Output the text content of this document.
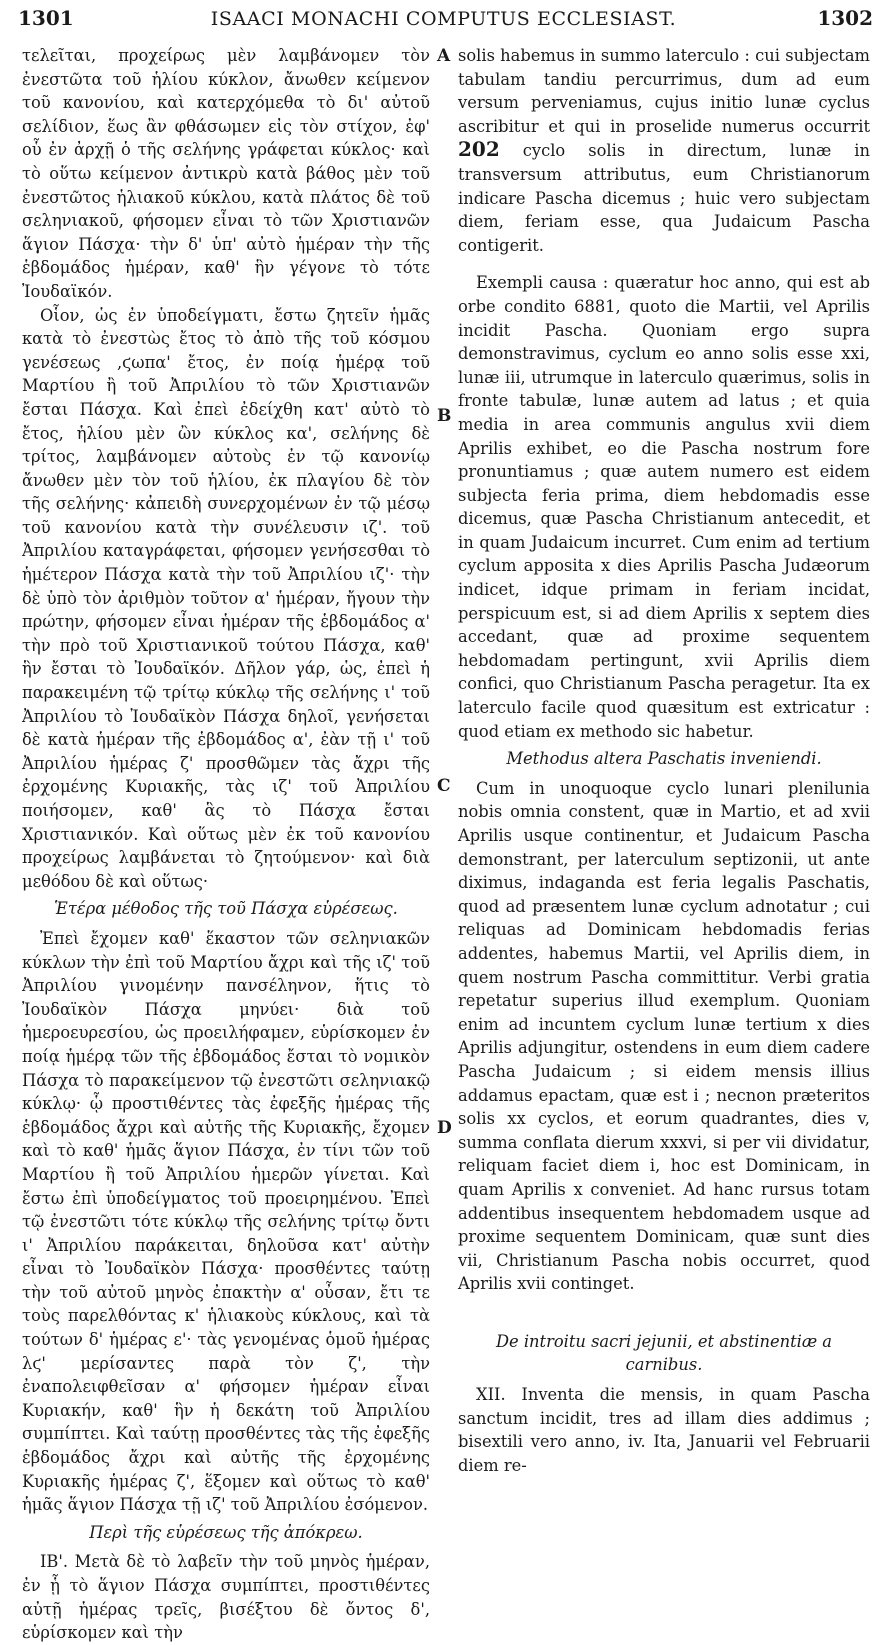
1301	ISAACI MONACHI COMPUTUS ECCLESIAST.	1302
A
B
C
D

τελεῖται, προχείρως μὲν λαμβάνομεν τὸν ἐνεστῶτα τοῦ ἡλίου κύκλον, ἄνωθεν κείμενον τοῦ κανονίου, καὶ κατερχόμεθα τὸ δι' αὐτοῦ σελίδιον, ἕως ἂν φθάσωμεν εἰς τὸν στίχον, ἐφ' οὗ ἐν ἀρχῇ ὁ τῆς σελήνης γράφεται κύκλος· καὶ τὸ οὕτω κείμενον ἀντικρὺ κατὰ βάθος μὲν τοῦ ἐνεστῶτος ἡλιακοῦ κύκλου, κατὰ πλάτος δὲ τοῦ σεληνιακοῦ, φήσομεν εἶναι τὸ τῶν Χριστιανῶν ἅγιον Πάσχα· τὴν δ' ὑπ' αὐτὸ ἡμέραν τὴν τῆς ἑβδομάδος ἡμέραν, καθ' ἣν γέγονε τὸ τότε Ἰουδαϊκόν.

Οἷον, ὡς ἐν ὑποδείγματι, ἔστω ζητεῖν ἡμᾶς κατὰ τὸ ἐνεστὼς ἔτος τὸ ἀπὸ τῆς τοῦ κόσμου γενέσεως ,ϛωπα' ἔτος, ἐν ποίᾳ ἡμέρᾳ τοῦ Μαρτίου ἢ τοῦ Ἀπριλίου τὸ τῶν Χριστιανῶν ἔσται Πάσχα. Καὶ ἐπεὶ ἐδείχθη κατ' αὐτὸ τὸ ἔτος, ἡλίου μὲν ὢν κύκλος κα', σελήνης δὲ τρίτος, λαμβάνομεν αὐτοὺς ἐν τῷ κανονίῳ ἄνωθεν μὲν τὸν τοῦ ἡλίου, ἐκ πλαγίου δὲ τὸν τῆς σελήνης· κἀπειδὴ συνερχομένων ἐν τῷ μέσῳ τοῦ κανονίου κατὰ τὴν συνέλευσιν ιζ'. τοῦ Ἀπριλίου καταγράφεται, φήσομεν γενήσεσθαι τὸ ἡμέτερον Πάσχα κατὰ τὴν τοῦ Ἀπριλίου ιζ'· τὴν δὲ ὑπὸ τὸν ἀριθμὸν τοῦτον α' ἡμέραν, ἤγουν τὴν πρώτην, φήσομεν εἶναι ἡμέραν τῆς ἑβδομάδος α' τὴν πρὸ τοῦ Χριστιανικοῦ τούτου Πάσχα, καθ' ἣν ἔσται τὸ Ἰουδαϊκόν. Δῆλον γάρ, ὡς, ἐπεὶ ἡ παρακειμένη τῷ τρίτῳ κύκλῳ τῆς σελήνης ι' τοῦ Ἀπριλίου τὸ Ἰουδαϊκὸν Πάσχα δηλοῖ, γενήσεται δὲ κατὰ ἡμέραν τῆς ἑβδομάδος α', ἐὰν τῇ ι' τοῦ Ἀπριλίου ἡμέρας ζ' προσθῶμεν τὰς ἄχρι τῆς ἐρχομένης Κυριακῆς, τὰς ιζ' τοῦ Ἀπριλίου ποιήσομεν, καθ' ἃς τὸ Πάσχα ἔσται Χριστιανικόν. Καὶ οὕτως μὲν ἐκ τοῦ κανονίου προχείρως λαμβάνεται τὸ ζητούμενον· καὶ διὰ μεθόδου δὲ καὶ οὕτως·

Ἑτέρα μέθοδος τῆς τοῦ Πάσχα εὑρέσεως.

Ἐπεὶ ἔχομεν καθ' ἕκαστον τῶν σεληνιακῶν κύκλων τὴν ἐπὶ τοῦ Μαρτίου ἄχρι καὶ τῆς ιζ' τοῦ Ἀπριλίου γινομένην πανσέληνον, ἥτις τὸ Ἰουδαϊκὸν Πάσχα μηνύει· διὰ τοῦ ἡμεροευρεσίου, ὡς προειλήφαμεν, εὑρίσκομεν ἐν ποίᾳ ἡμέρᾳ τῶν τῆς ἑβδομάδος ἔσται τὸ νομικὸν Πάσχα τὸ παρακείμενον τῷ ἐνεστῶτι σεληνιακῷ κύκλῳ· ᾧ προστιθέντες τὰς ἐφεξῆς ἡμέρας τῆς ἑβδομάδος ἄχρι καὶ αὐτῆς τῆς Κυριακῆς, ἔχομεν καὶ τὸ καθ' ἡμᾶς ἅγιον Πάσχα, ἐν τίνι τῶν τοῦ Μαρτίου ἢ τοῦ Ἀπριλίου ἡμερῶν γίνεται. Καὶ ἔστω ἐπὶ ὑποδείγματος τοῦ προειρημένου. Ἐπεὶ τῷ ἐνεστῶτι τότε κύκλῳ τῆς σελήνης τρίτῳ ὄντι ι' Ἀπριλίου παράκειται, δηλοῦσα κατ' αὐτὴν εἶναι τὸ Ἰουδαϊκὸν Πάσχα· προσθέντες ταύτῃ τὴν τοῦ αὐτοῦ μηνὸς ἐπακτὴν α' οὖσαν, ἔτι τε τοὺς παρελθόντας κ' ἡλιακοὺς κύκλους, καὶ τὰ τούτων δ' ἡμέρας ε'· τὰς γενομένας ὁμοῦ ἡμέρας λϛ' μερίσαντες παρὰ τὸν ζ', τὴν ἐναπολειφθεῖσαν α' φήσομεν ἡμέραν εἶναι Κυριακήν, καθ' ἣν ἡ δεκάτη τοῦ Ἀπριλίου συμπίπτει. Καὶ ταύτῃ προσθέντες τὰς τῆς ἐφεξῆς ἑβδομάδος ἄχρι καὶ αὐτῆς τῆς ἐρχομένης Κυριακῆς ἡμέρας ζ', ἕξομεν καὶ οὕτως τὸ καθ' ἡμᾶς ἅγιον Πάσχα τῇ ιζ' τοῦ Ἀπριλίου ἐσόμενον.

Περὶ τῆς εὑρέσεως τῆς ἀπόκρεω.

ΙΒ'. Μετὰ δὲ τὸ λαβεῖν τὴν τοῦ μηνὸς ἡμέραν, ἐν ᾗ τὸ ἅγιον Πάσχα συμπίπτει, προστιθέντες αὐτῇ ἡμέρας τρεῖς, βισέξτου δὲ ὄντος δ', εὑρίσκομεν καὶ τὴν

solis habemus in summo laterculo : cui subjectam tabulam tandiu percurrimus, dum ad eum versum perveniamus, cujus initio lunæ cyclus ascribitur et qui in proselide numerus occurrit 202 cyclo solis in directum, lunæ in transversum attributus, eum Christianorum indicare Pascha dicemus ; huic vero subjectam diem, feriam esse, qua Judaicum Pascha contigerit.

Exempli causa : quæratur hoc anno, qui est ab orbe condito 6881, quoto die Martii, vel Aprilis incidit Pascha. Quoniam ergo supra demonstravimus, cyclum eo anno solis esse xxi, lunæ iii, utrumque in laterculo quærimus, solis in fronte tabulæ, lunæ autem ad latus ; et quia media in area communis angulus xvii diem Aprilis exhibet, eo die Pascha nostrum fore pronuntiamus ; quæ autem numero est eidem subjecta feria prima, diem hebdomadis esse dicemus, quæ Pascha Christianum antecedit, et in quam Judaicum incurret. Cum enim ad tertium cyclum apposita x dies Aprilis Pascha Judæorum indicet, idque primam in feriam incidat, perspicuum est, si ad diem Aprilis x septem dies accedant, quæ ad proxime sequentem hebdomadam pertingunt, xvii Aprilis diem confici, quo Christianum Pascha peragetur. Ita ex laterculo facile quod quæsitum est extricatur : quod etiam ex methodo sic habetur.

Methodus altera Paschatis inveniendi.

Cum in unoquoque cyclo lunari plenilunia nobis omnia constent, quæ in Martio, et ad xvii Aprilis usque continentur, et Judaicum Pascha demonstrant, per laterculum septizonii, ut ante diximus, indaganda est feria legalis Paschatis, quod ad præsentem lunæ cyclum adnotatur ; cui reliquas ad Dominicam hebdomadis ferias addentes, habemus Martii, vel Aprilis diem, in quem nostrum Pascha committitur. Verbi gratia repetatur superius illud exemplum. Quoniam enim ad incuntem cyclum lunæ tertium x dies Aprilis adjungitur, ostendens in eum diem cadere Pascha Judaicum ; si eidem mensis illius addamus epactam, quæ est i ; necnon præteritos solis xx cyclos, et eorum quadrantes, dies v, summa conflata dierum xxxvi, si per vii dividatur, reliquam faciet diem i, hoc est Dominicam, in quam Aprilis x conveniet. Ad hanc rursus totam addentibus insequentem hebdomadem usque ad proxime sequentem Dominicam, quæ sunt dies vii, Christianum Pascha nobis occurret, quod Aprilis xvii continget.

De introitu sacri jejunii, et abstinentiæ a carnibus.

XII. Inventa die mensis, in quam Pascha sanctum incidit, tres ad illam dies addimus ; bisextili vero anno, iv. Ita, Januarii vel Februarii diem re-
